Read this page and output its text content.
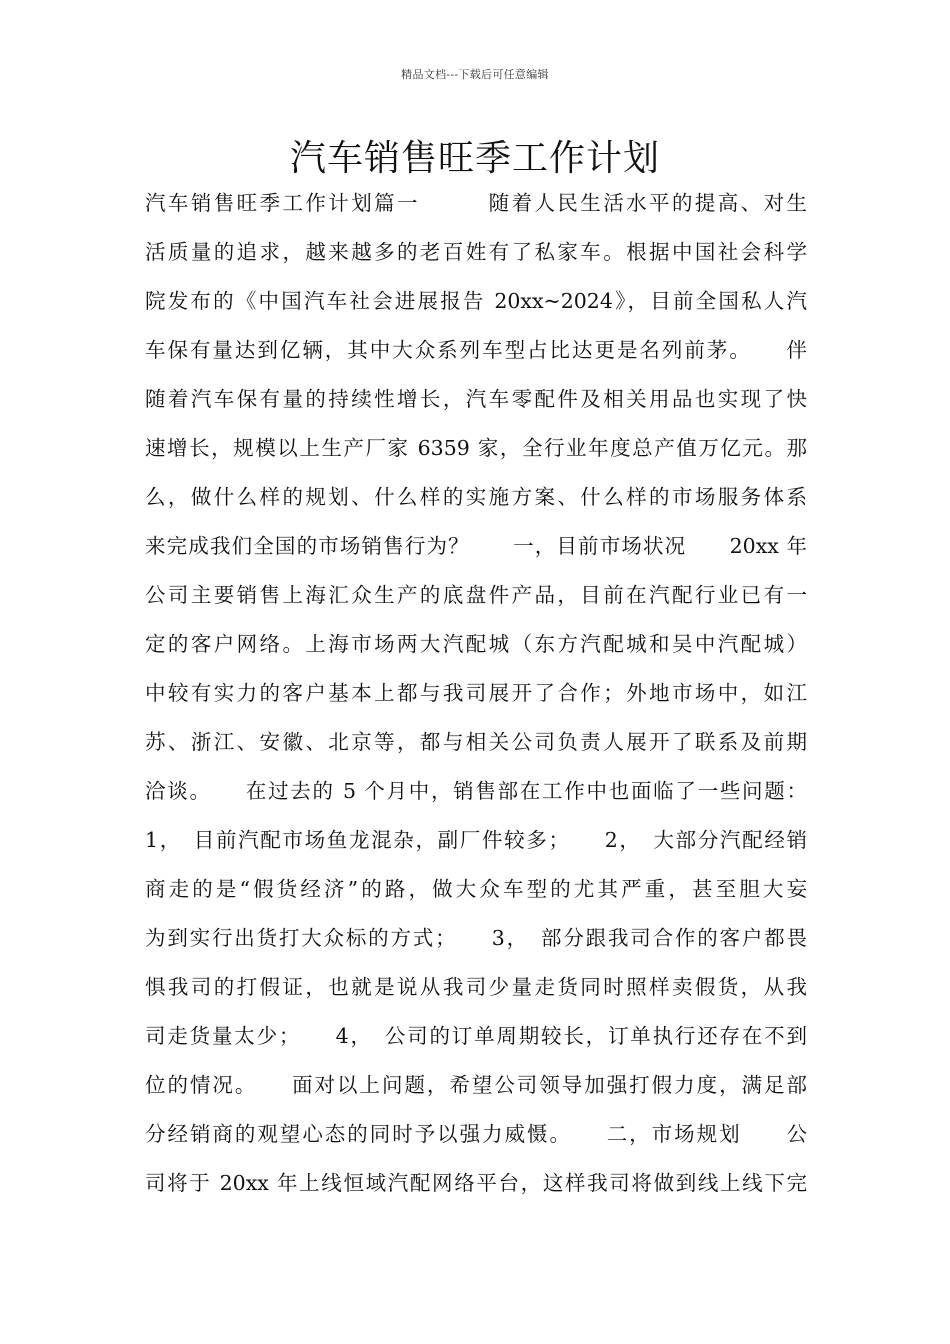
精品文档---下载后可任意编辑
汽车销售旺季工作计划
汽车销售旺季工作计划篇一　　　随着人民生活水平的提高、对生
活质量的追求，越来越多的老百姓有了私家车。根据中国社会科学
院发布的《中国汽车社会进展报告 20xx~2024》，目前全国私人汽
车保有量达到亿辆，其中大众系列车型占比达更是名列前茅。　　伴
随着汽车保有量的持续性增长，汽车零配件及相关用品也实现了快
速增长，规模以上生产厂家 6359 家，全行业年度总产值万亿元。那
么，做什么样的规划、什么样的实施方案、什么样的市场服务体系
来完成我们全国的市场销售行为？　　一，目前市场状况　　20xx 年
公司主要销售上海汇众生产的底盘件产品，目前在汽配行业已有一
定的客户网络。上海市场两大汽配城（东方汽配城和吴中汽配城）
中较有实力的客户基本上都与我司展开了合作；外地市场中，如江
苏、浙江、安徽、北京等，都与相关公司负责人展开了联系及前期
洽谈。　　在过去的 5 个月中，销售部在工作中也面临了一些问题：
1，　目前汽配市场鱼龙混杂，副厂件较多；　　2，　大部分汽配经销
商走的是“假货经济”的路，做大众车型的尤其严重，甚至胆大妄
为到实行出货打大众标的方式；　　3，　部分跟我司合作的客户都畏
惧我司的打假证，也就是说从我司少量走货同时照样卖假货，从我
司走货量太少；　　4，　公司的订单周期较长，订单执行还存在不到
位的情况。　　面对以上问题，希望公司领导加强打假力度，满足部
分经销商的观望心态的同时予以强力威慑。　　二，市场规划　　公
司将于 20xx 年上线恒域汽配网络平台，这样我司将做到线上线下完
